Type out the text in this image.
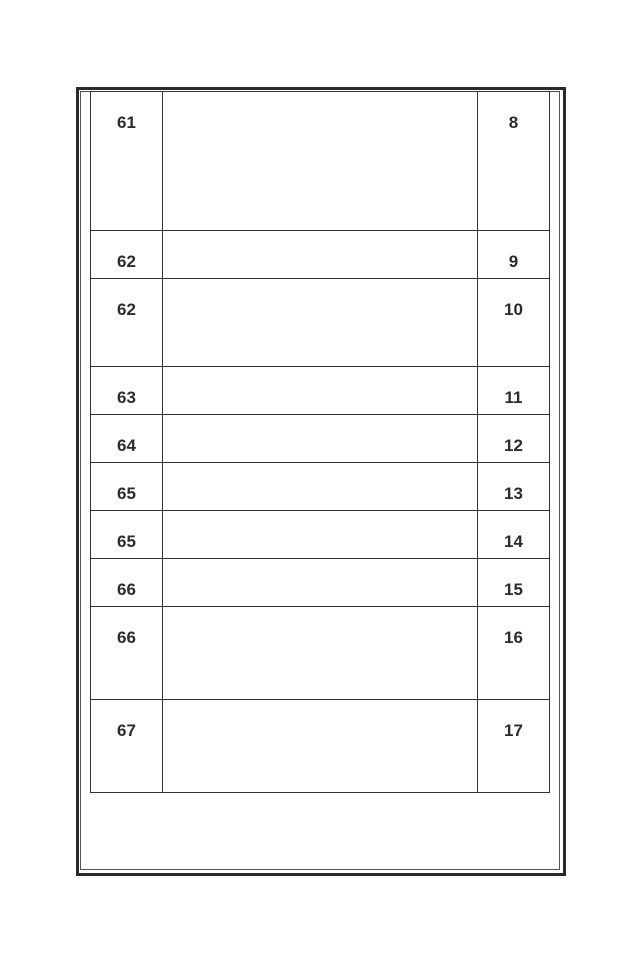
61		8

62		9

62		10

63		11

64		12

65		13

65		14

66		15

66		16

67		17
